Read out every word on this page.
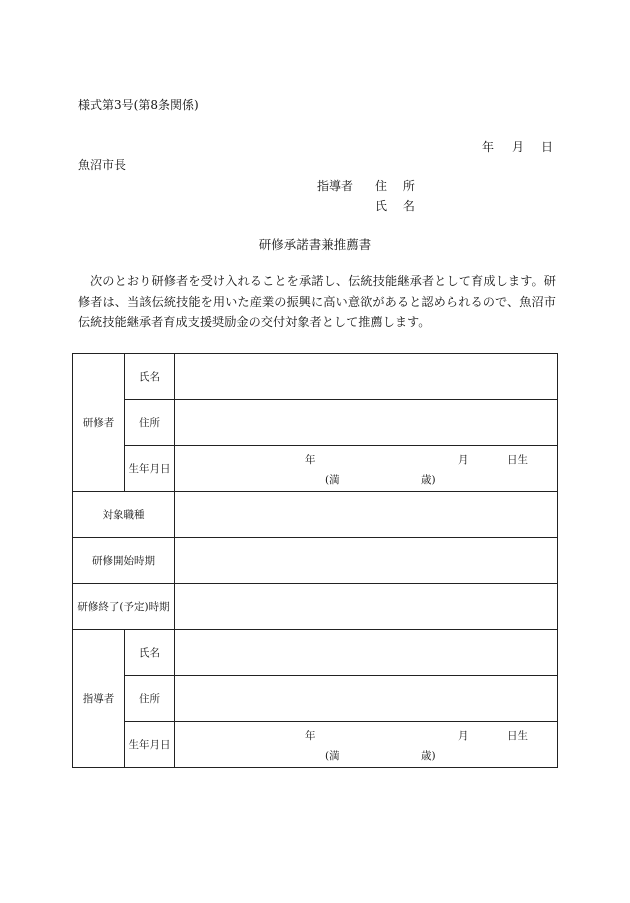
様式第3号(第8条関係)
年 月 日
魚沼市長
指導者 住 所
氏 名
研修承諾書兼推薦書
次のとおり研修者を受け入れることを承諾し、伝統技能継承者として育成します。研修者は、当該伝統技能を用いた産業の振興に高い意欲があると認められるので、魚沼市伝統技能継承者育成支援奨励金の交付対象者として推薦します。
研修者	氏名	
	住所	
	生年月日	年 月 日生
(満 歳)

対象職種		
研修開始時期		
研修終了(予定)時期		
指導者	氏名	
	住所	
	生年月日	年 月 日生
(満 歳)
